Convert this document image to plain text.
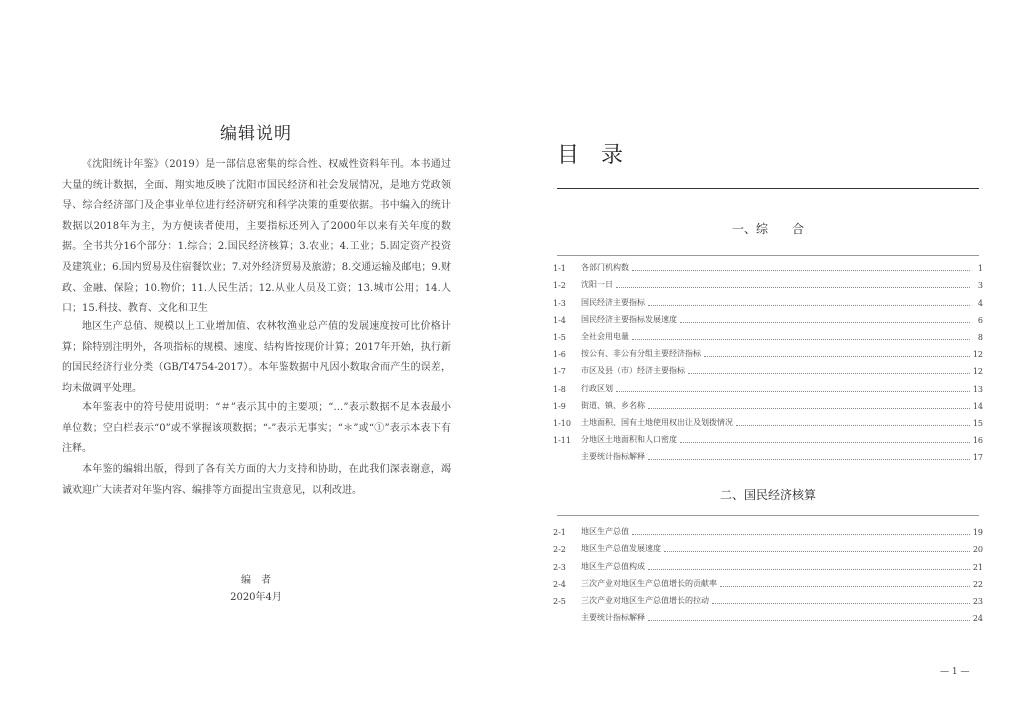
编辑说明

《沈阳统计年鉴》（2019）是一部信息密集的综合性、权威性资料年刊。本书通过大量的统计数据，全面、翔实地反映了沈阳市国民经济和社会发展情况，是地方党政领导、综合经济部门及企事业单位进行经济研究和科学决策的重要依据。书中编入的统计数据以2018年为主，为方便读者使用，主要指标还列入了2000年以来有关年度的数据。全书共分16个部分：1.综合；2.国民经济核算；3.农业；4.工业；5.固定资产投资及建筑业；6.国内贸易及住宿餐饮业；7.对外经济贸易及旅游；8.交通运输及邮电；9.财政、金融、保险；10.物价；11.人民生活；12.从业人员及工资；13.城市公用；14.人口；15.科技、教育、文化和卫生

地区生产总值、规模以上工业增加值、农林牧渔业总产值的发展速度按可比价格计算；除特别注明外，各项指标的规模、速度、结构皆按现价计算；2017年开始，执行新的国民经济行业分类（GB/T4754-2017）。本年鉴数据中凡因小数取舍而产生的误差，均未做调平处理。

本年鉴表中的符号使用说明：“＃”表示其中的主要项；“…”表示数据不足本表最小单位数；空白栏表示“0”或不掌握该项数据；“-”表示无事实；“＊”或“①”表示本表下有注释。

本年鉴的编辑出版，得到了各有关方面的大力支持和协助，在此我们深表谢意，竭诚欢迎广大读者对年鉴内容、编排等方面提出宝贵意见，以利改进。

编　者
2020年4月
目　录
一、综　　合
1-1	各部门机构数	1
1-2	沈阳一日	3
1-3	国民经济主要指标	4
1-4	国民经济主要指标发展速度	6
1-5	全社会用电量	8
1-6	按公有、非公有分组主要经济指标	12
1-7	市区及县（市）经济主要指标	12
1-8	行政区划	13
1-9	街道、镇、乡名称	14
1-10	土地面积、国有土地使用权出让及划拨情况	15
1-11	分地区土地面积和人口密度	16
主要统计指标解释	17
二、国民经济核算
2-1	地区生产总值	19
2-2	地区生产总值发展速度	20
2-3	地区生产总值构成	21
2-4	三次产业对地区生产总值增长的贡献率	22
2-5	三次产业对地区生产总值增长的拉动	23
主要统计指标解释	24
— 1 —
